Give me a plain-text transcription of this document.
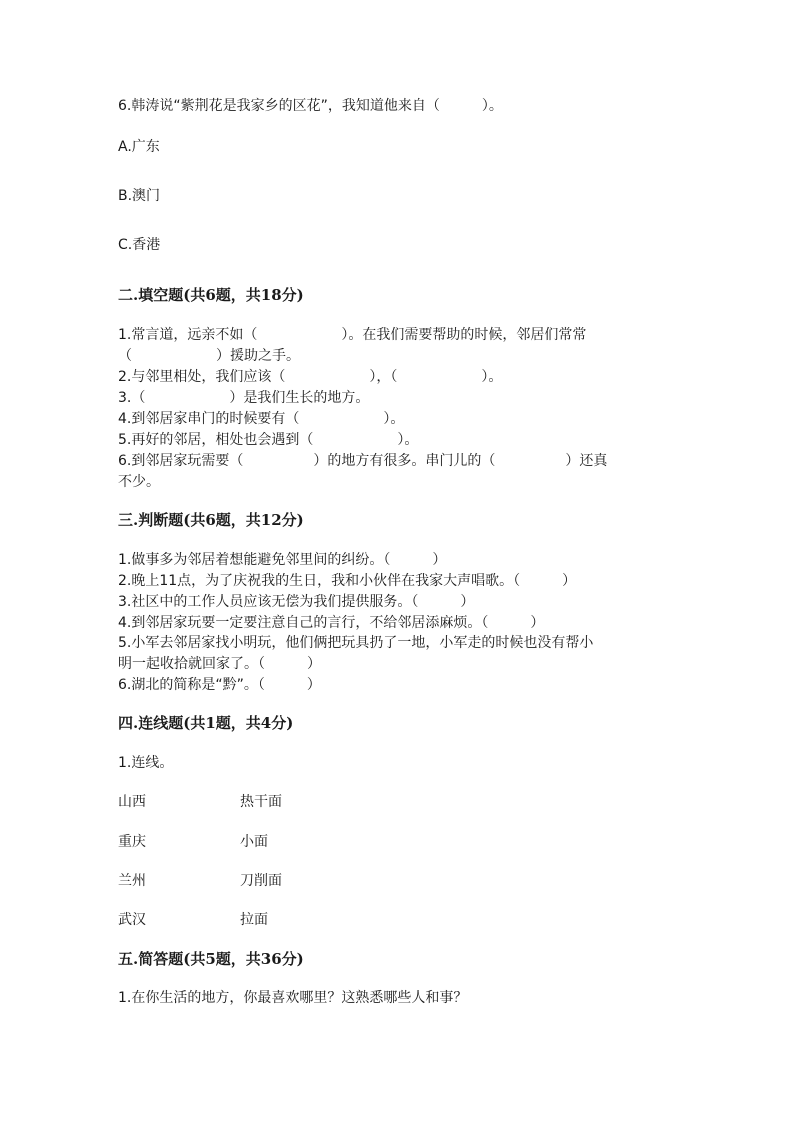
6.韩涛说“紫荆花是我家乡的区花”，我知道他来自（　　　）。
A.广东
B.澳门
C.香港
二.填空题(共6题，共18分)
1.常言道，远亲不如（　　　　　　）。在我们需要帮助的时候，邻居们常常
（　　　　　　）援助之手。
2.与邻里相处，我们应该（　　　　　　），（　　　　　　）。
3.（　　　　　　）是我们生长的地方。
4.到邻居家串门的时候要有（　　　　　　）。
5.再好的邻居，相处也会遇到（　　　　　　）。
6.到邻居家玩需要（　　　　　）的地方有很多。串门儿的（　　　　　）还真
不少。
三.判断题(共6题，共12分)
1.做事多为邻居着想能避免邻里间的纠纷。（　　　）
2.晚上11点，为了庆祝我的生日，我和小伙伴在我家大声唱歌。（　　　）
3.社区中的工作人员应该无偿为我们提供服务。（　　　）
4.到邻居家玩要一定要注意自己的言行，不给邻居添麻烦。（　　　）
5.小军去邻居家找小明玩，他们俩把玩具扔了一地，小军走的时候也没有帮小
明一起收拾就回家了。（　　　）
6.湖北的简称是“黔”。（　　　）
四.连线题(共1题，共4分)
1.连线。
山西	热干面
重庆	小面
兰州	刀削面
武汉	拉面
五.简答题(共5题，共36分)
1.在你生活的地方，你最喜欢哪里？这熟悉哪些人和事？
